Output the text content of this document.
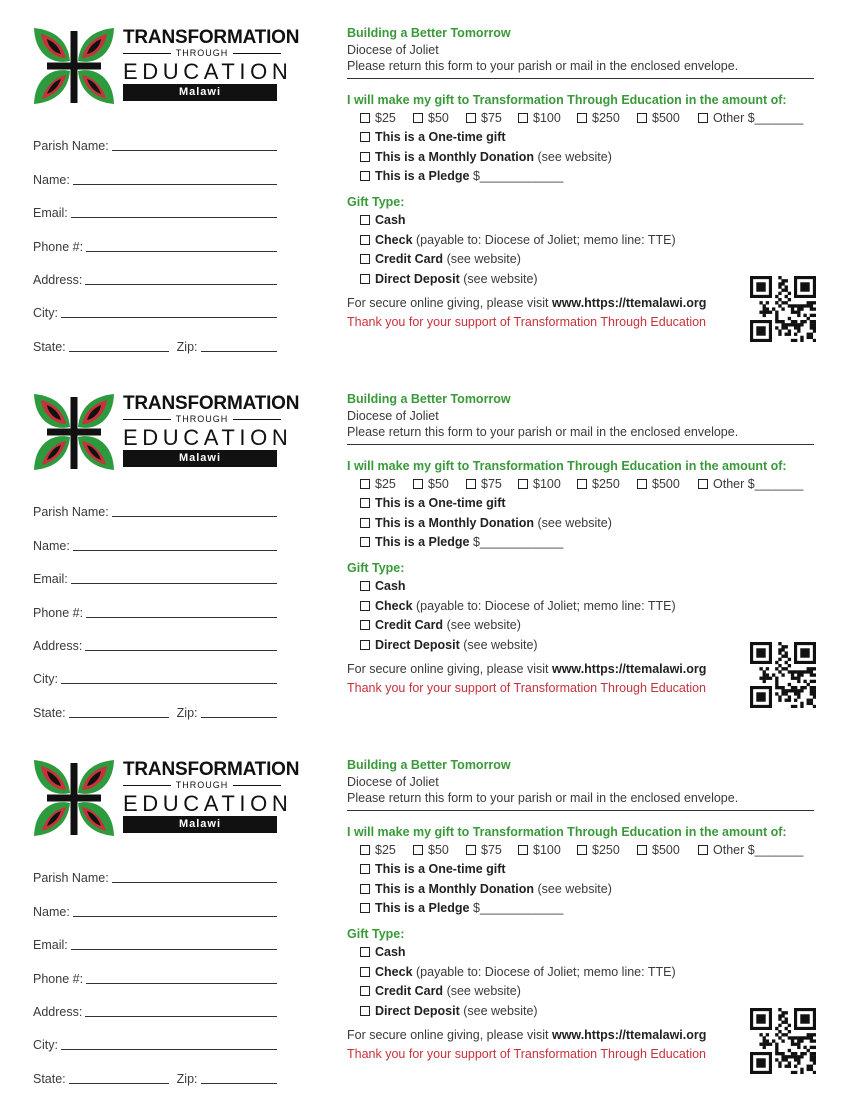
TRANSFORMATION
THROUGH
EDUCATION
Malawi
Parish Name:
Name:
Email:
Phone #:
Address:
City:
State:	Zip:
Building a Better Tomorrow
Diocese of Joliet
Please return this form to your parish or mail in the enclosed envelope.
I will make my gift to Transformation Through Education in the amount of:
$25	$50	$75 $100 $250	$500	Other $_______
This is a One-time gift
This is a Monthly Donation
(see website)
This is a Pledge
$____________
Gift Type:
Cash
Check
(payable to: Diocese of Joliet; memo line: TTE)
Credit Card
(see website)
Direct Deposit
(see website)
For secure online giving, please visit www.https://ttemalawi.org
Thank you for your support of Transformation Through Education
TRANSFORMATION
THROUGH
EDUCATION
Malawi
Parish Name:
Name:
Email:
Phone #:
Address:
City:
State:	Zip:
Building a Better Tomorrow
Diocese of Joliet
Please return this form to your parish or mail in the enclosed envelope.
I will make my gift to Transformation Through Education in the amount of:
$25	$50	$75 $100 $250	$500	Other $_______
This is a One-time gift
This is a Monthly Donation
(see website)
This is a Pledge
$____________
Gift Type:
Cash
Check
(payable to: Diocese of Joliet; memo line: TTE)
Credit Card
(see website)
Direct Deposit
(see website)
For secure online giving, please visit www.https://ttemalawi.org
Thank you for your support of Transformation Through Education
TRANSFORMATION
THROUGH
EDUCATION
Malawi
Parish Name:
Name:
Email:
Phone #:
Address:
City:
State:	Zip:
Building a Better Tomorrow
Diocese of Joliet
Please return this form to your parish or mail in the enclosed envelope.
I will make my gift to Transformation Through Education in the amount of:
$25	$50	$75 $100 $250	$500	Other $_______
This is a One-time gift
This is a Monthly Donation
(see website)
This is a Pledge
$____________
Gift Type:
Cash
Check
(payable to: Diocese of Joliet; memo line: TTE)
Credit Card
(see website)
Direct Deposit
(see website)
For secure online giving, please visit www.https://ttemalawi.org
Thank you for your support of Transformation Through Education
